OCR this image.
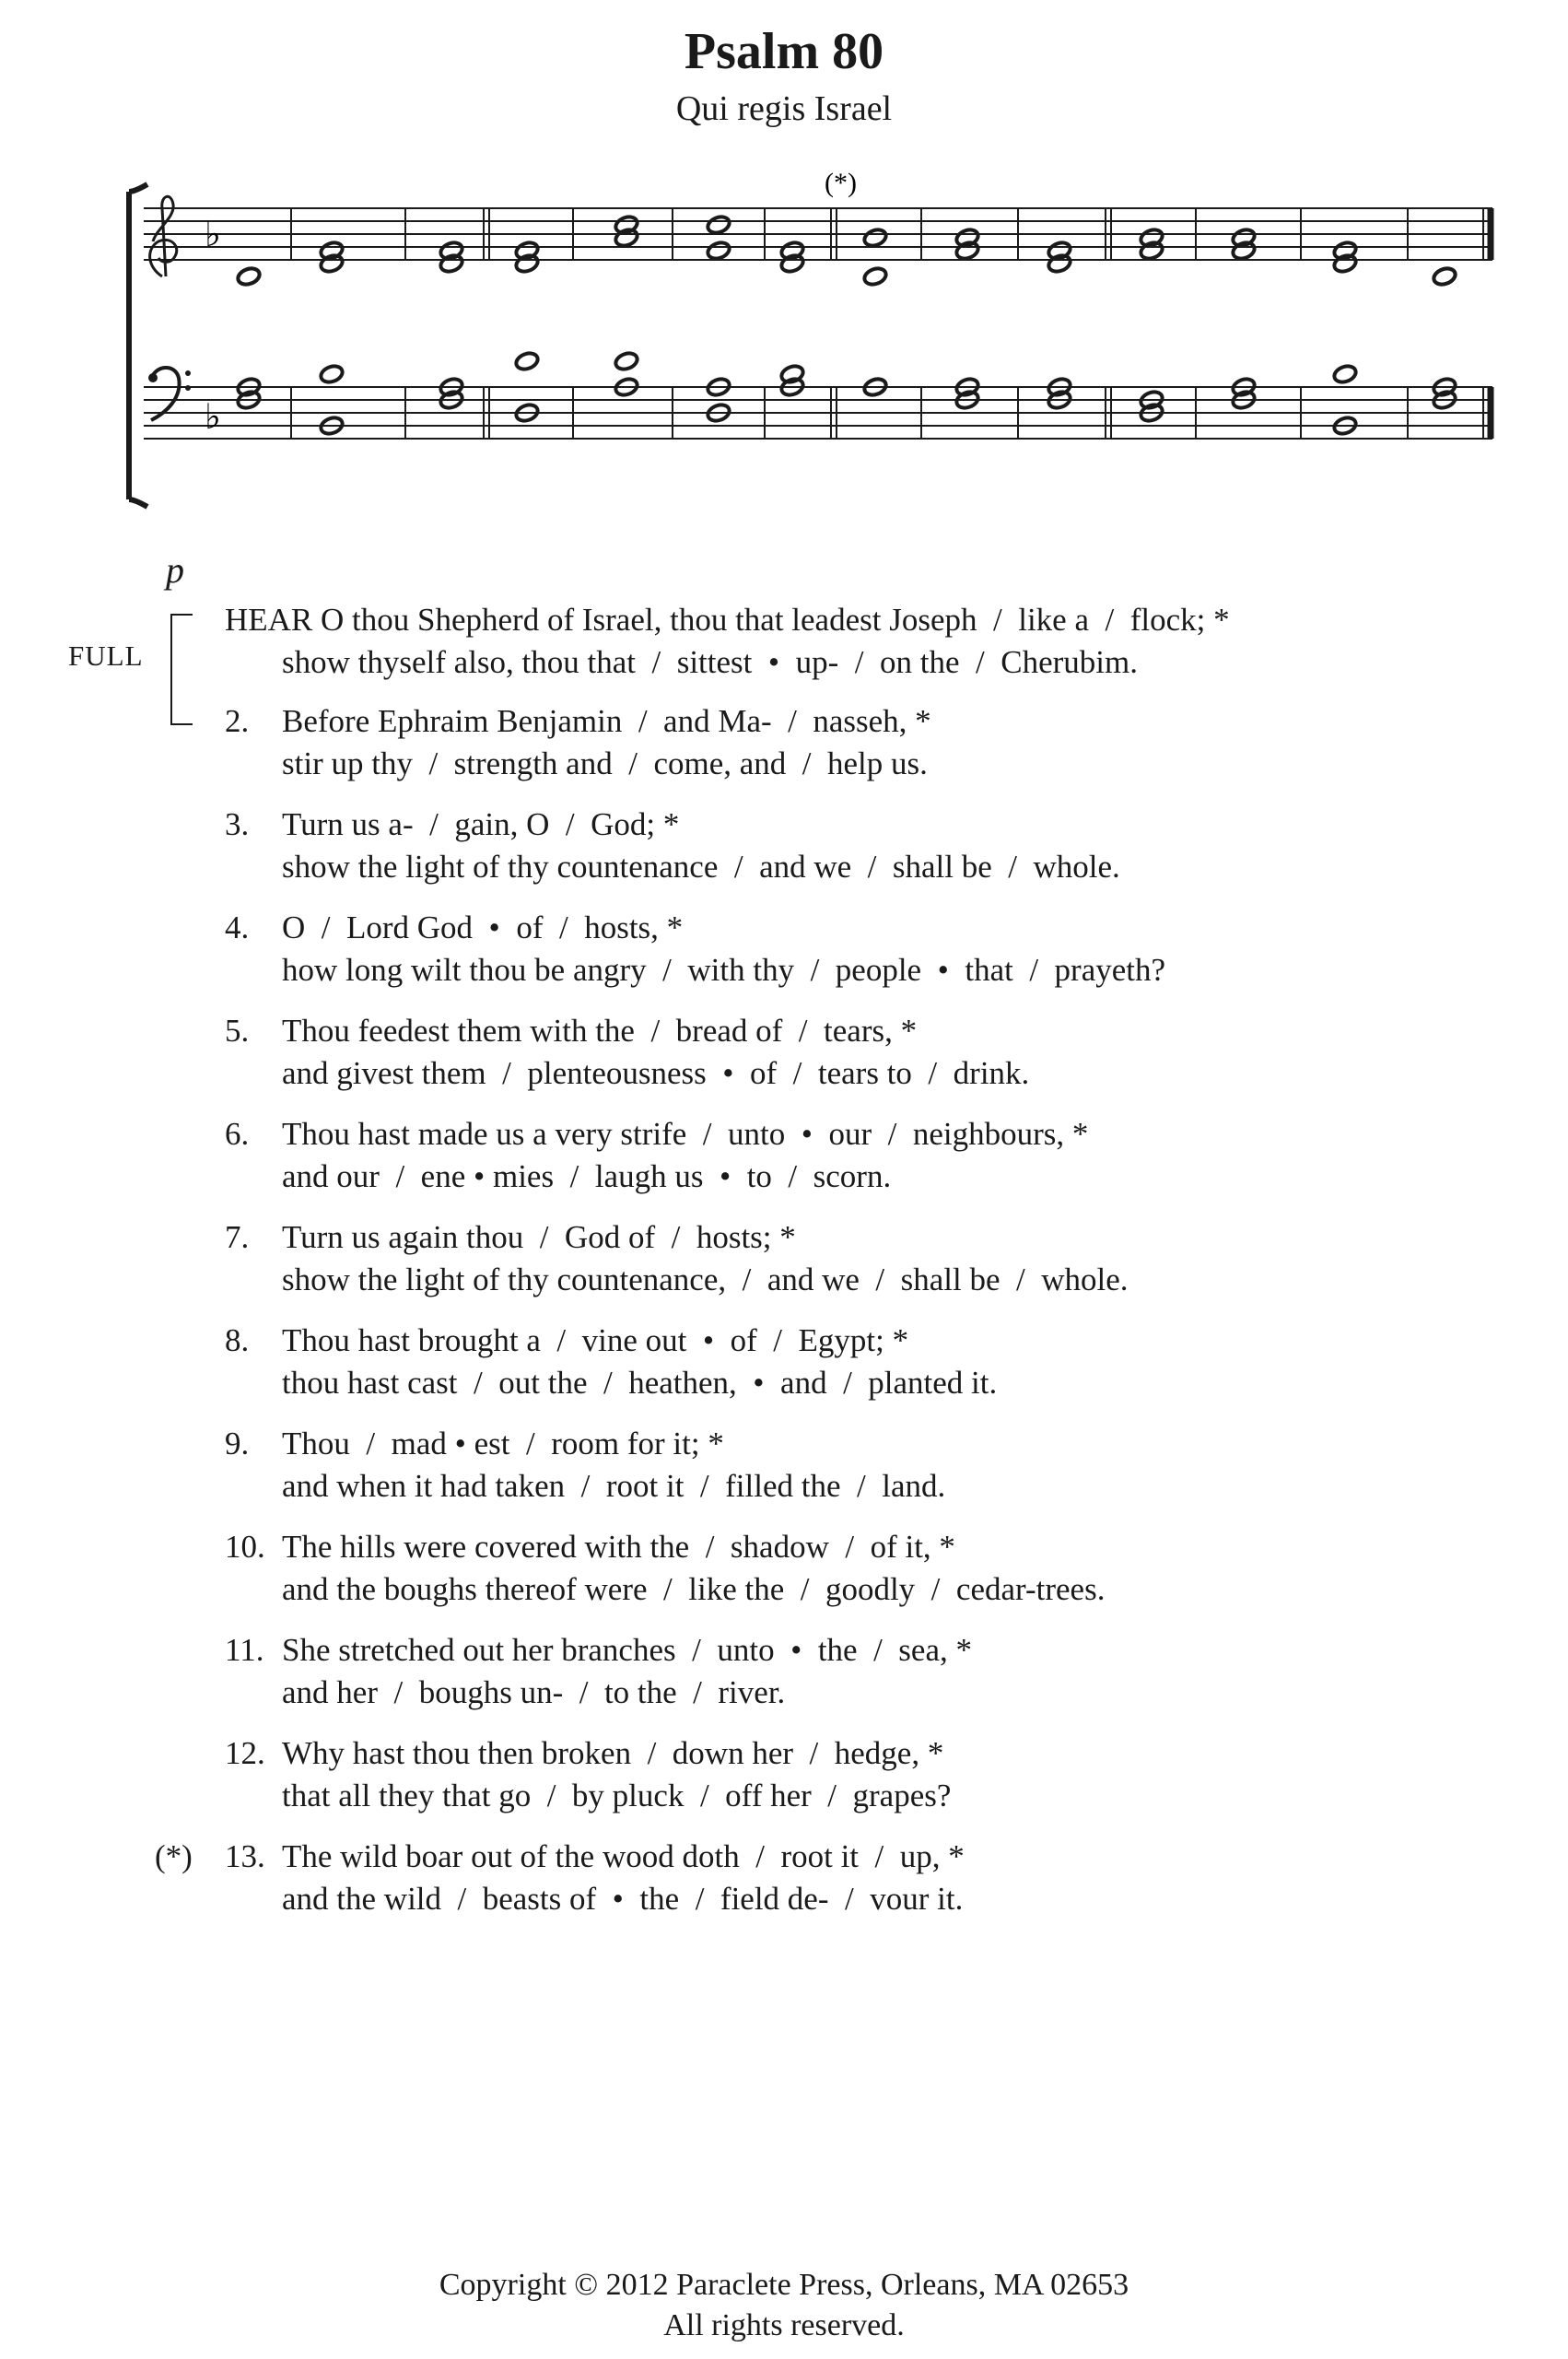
Psalm 80
Qui regis Israel
♭
♭
(*)
p
FULL
HEAR O thou Shepherd of Israel, thou that leadest Joseph  /  like a  /  flock; *
show thyself also, thou that  /  sittest  •  up-  /  on the  /  Cherubim.
2.	Before Ephraim Benjamin  /  and Ma-  /  nasseh, *
stir up thy  /  strength and  /  come, and  /  help us.
3.	Turn us a-  /  gain, O  /  God; *
show the light of thy countenance  /  and we  /  shall be  /  whole.
4.	O  /  Lord God  •  of  /  hosts, *
how long wilt thou be angry  /  with thy  /  people  •  that  /  prayeth?
5.	Thou feedest them with the  /  bread of  /  tears, *
and givest them  /  plenteousness  •  of  /  tears to  /  drink.
6.	Thou hast made us a very strife  /  unto  •  our  /  neighbours, *
and our  /  ene • mies  /  laugh us  •  to  /  scorn.
7.	Turn us again thou  /  God of  /  hosts; *
show the light of thy countenance,  /  and we  /  shall be  /  whole.
8.	Thou hast brought a  /  vine out  •  of  /  Egypt; *
thou hast cast  /  out the  /  heathen,  •  and  /  planted it.
9.	Thou  /  mad • est  /  room for it; *
and when it had taken  /  root it  /  filled the  /  land.
10. The hills were covered with the  /  shadow  /  of it, *
and the boughs thereof were  /  like the  /  goodly  /  cedar-trees.
11. She stretched out her branches  /  unto  •  the  /  sea, *
and her  /  boughs un-  /  to the  /  river.
12. Why hast thou then broken  /  down her  /  hedge, *
that all they that go  /  by pluck  /  off her  /  grapes?
(*) 13. The wild boar out of the wood doth  /  root it  /  up, *
and the wild  /  beasts of  •  the  /  field de-  /  vour it.
Copyright © 2012 Paraclete Press, Orleans, MA 02653
All rights reserved.
